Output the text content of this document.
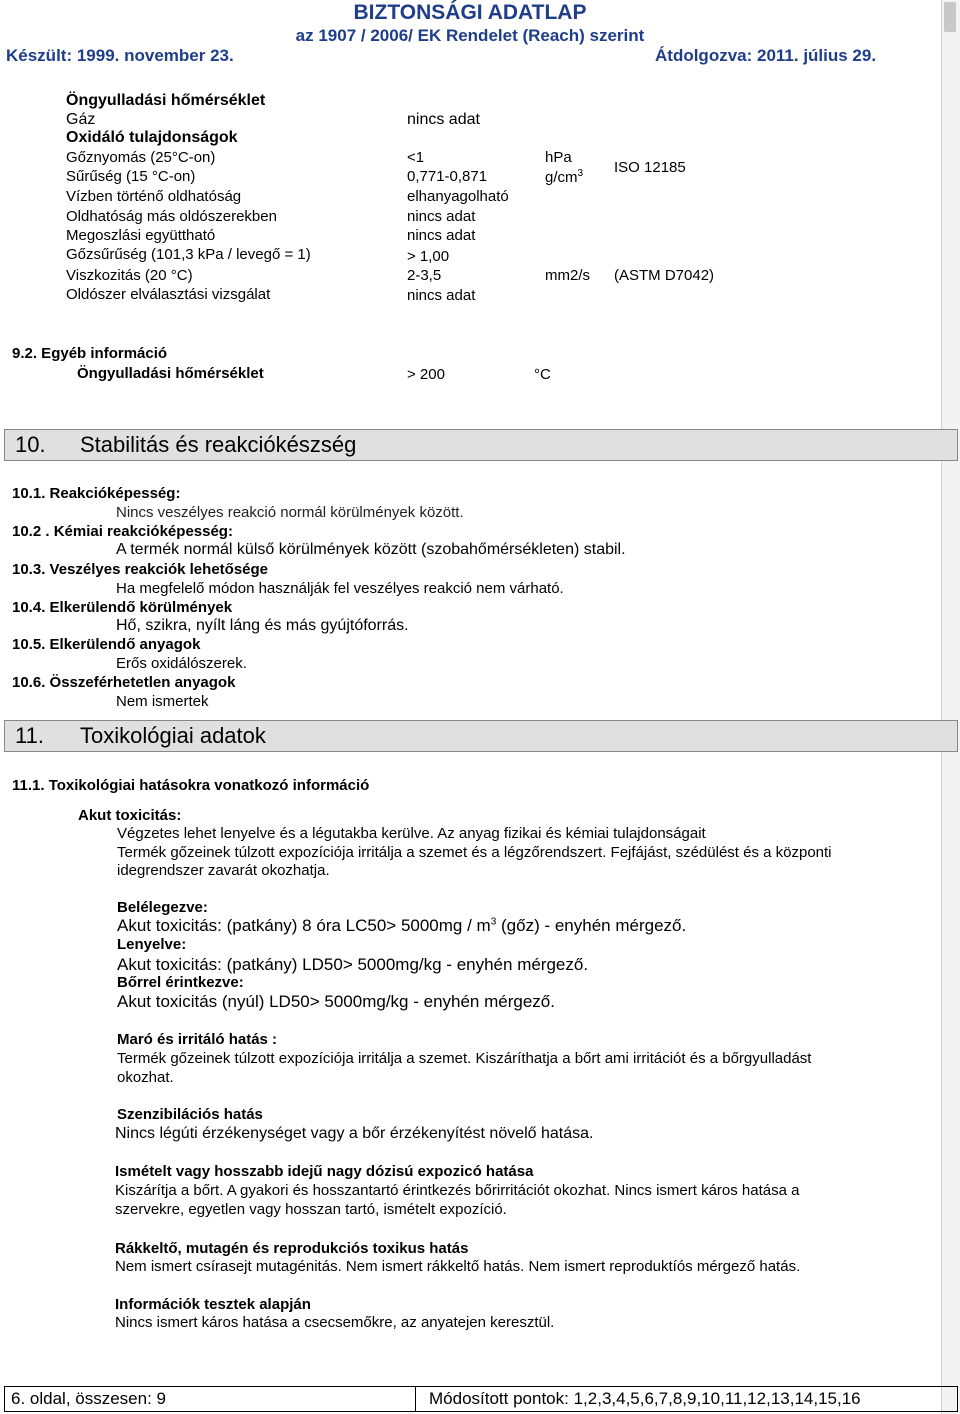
BIZTONSÁGI ADATLAP
az 1907 / 2006/ EK Rendelet (Reach) szerint
Készült: 1999. november 23.	Átdolgozva: 2011. július 29.
Öngyulladási hőmérséklet
Gáz	nincs adat
Oxidáló tulajdonságok
Gőznyomás (25°C-on)	<1	hPa
Sűrűség (15 °C-on)	0,771-0,871	$g/cm^3$ ISO 12185
Vízben történő oldhatóság	elhanyagolható
Oldhatóság más oldószerekben	nincs adat
Megoszlási együttható	nincs adat
Gőzsűrűség (101,3 kPa / levegő = 1)	> 1,00
Viszkozitás (20 °C)	2-3,5	mm2/s (ASTM D7042)
Oldószer elválasztási vizsgálat	nincs adat
9.2. Egyéb információ
Öngyulladási hőmérséklet	> 200	°C
10.	Stabilitás és reakciókészség
10.1. Reakcióképesség:
Nincs veszélyes reakció normál körülmények között.
10.2 . Kémiai reakcióképesség:
A termék normál külső körülmények között (szobahőmérsékleten) stabil.
10.3. Veszélyes reakciók lehetősége
Ha megfelelő módon használják fel veszélyes reakció nem várható.
10.4. Elkerülendő körülmények
Hő, szikra, nyílt láng és más gyújtóforrás.
10.5. Elkerülendő anyagok
Erős oxidálószerek.
10.6. Összeférhetetlen anyagok
Nem ismertek
11.	Toxikológiai adatok
11.1. Toxikológiai hatásokra vonatkozó információ
Akut toxicitás:
Végzetes lehet lenyelve és a légutakba kerülve. Az anyag fizikai és kémiai tulajdonságait
Termék gőzeinek túlzott expozíciója irritálja a szemet és a légzőrendszert. Fejfájást, szédülést és a központi
idegrendszer zavarát okozhatja.
Belélegezve:
Akut toxicitás: (patkány) 8 óra $LC50> 5000mg / m^3$ (gőz) - enyhén mérgező.
Lenyelve:
Akut toxicitás: (patkány) LD50> 5000mg/kg - enyhén mérgező.
Bőrrel érintkezve:
Akut toxicitás (nyúl) LD50> 5000mg/kg - enyhén mérgező.
Maró és irritáló hatás :
Termék gőzeinek túlzott expozíciója irritálja a szemet. Kiszáríthatja a bőrt ami irritációt és a bőrgyulladást
okozhat.
Szenzibilációs hatás
Nincs légúti érzékenységet vagy a bőr érzékenyítést növelő hatása.
Ismételt vagy hosszabb idejű nagy dózisú expozicó hatása
Kiszárítja a bőrt. A gyakori és hosszantartó érintkezés bőrirritációt okozhat. Nincs ismert káros hatása a
szervekre, egyetlen vagy hosszan tartó, ismételt expozíció.
Rákkeltő, mutagén és reprodukciós toxikus hatás
Nem ismert csírasejt mutagénitás. Nem ismert rákkeltő hatás. Nem ismert reproduktíós mérgező hatás.
Információk tesztek alapján
Nincs ismert káros hatása a csecsemőkre, az anyatejen keresztül.
6. oldal, összesen: 9	Módosított pontok: 1,2,3,4,5,6,7,8,9,10,11,12,13,14,15,16
